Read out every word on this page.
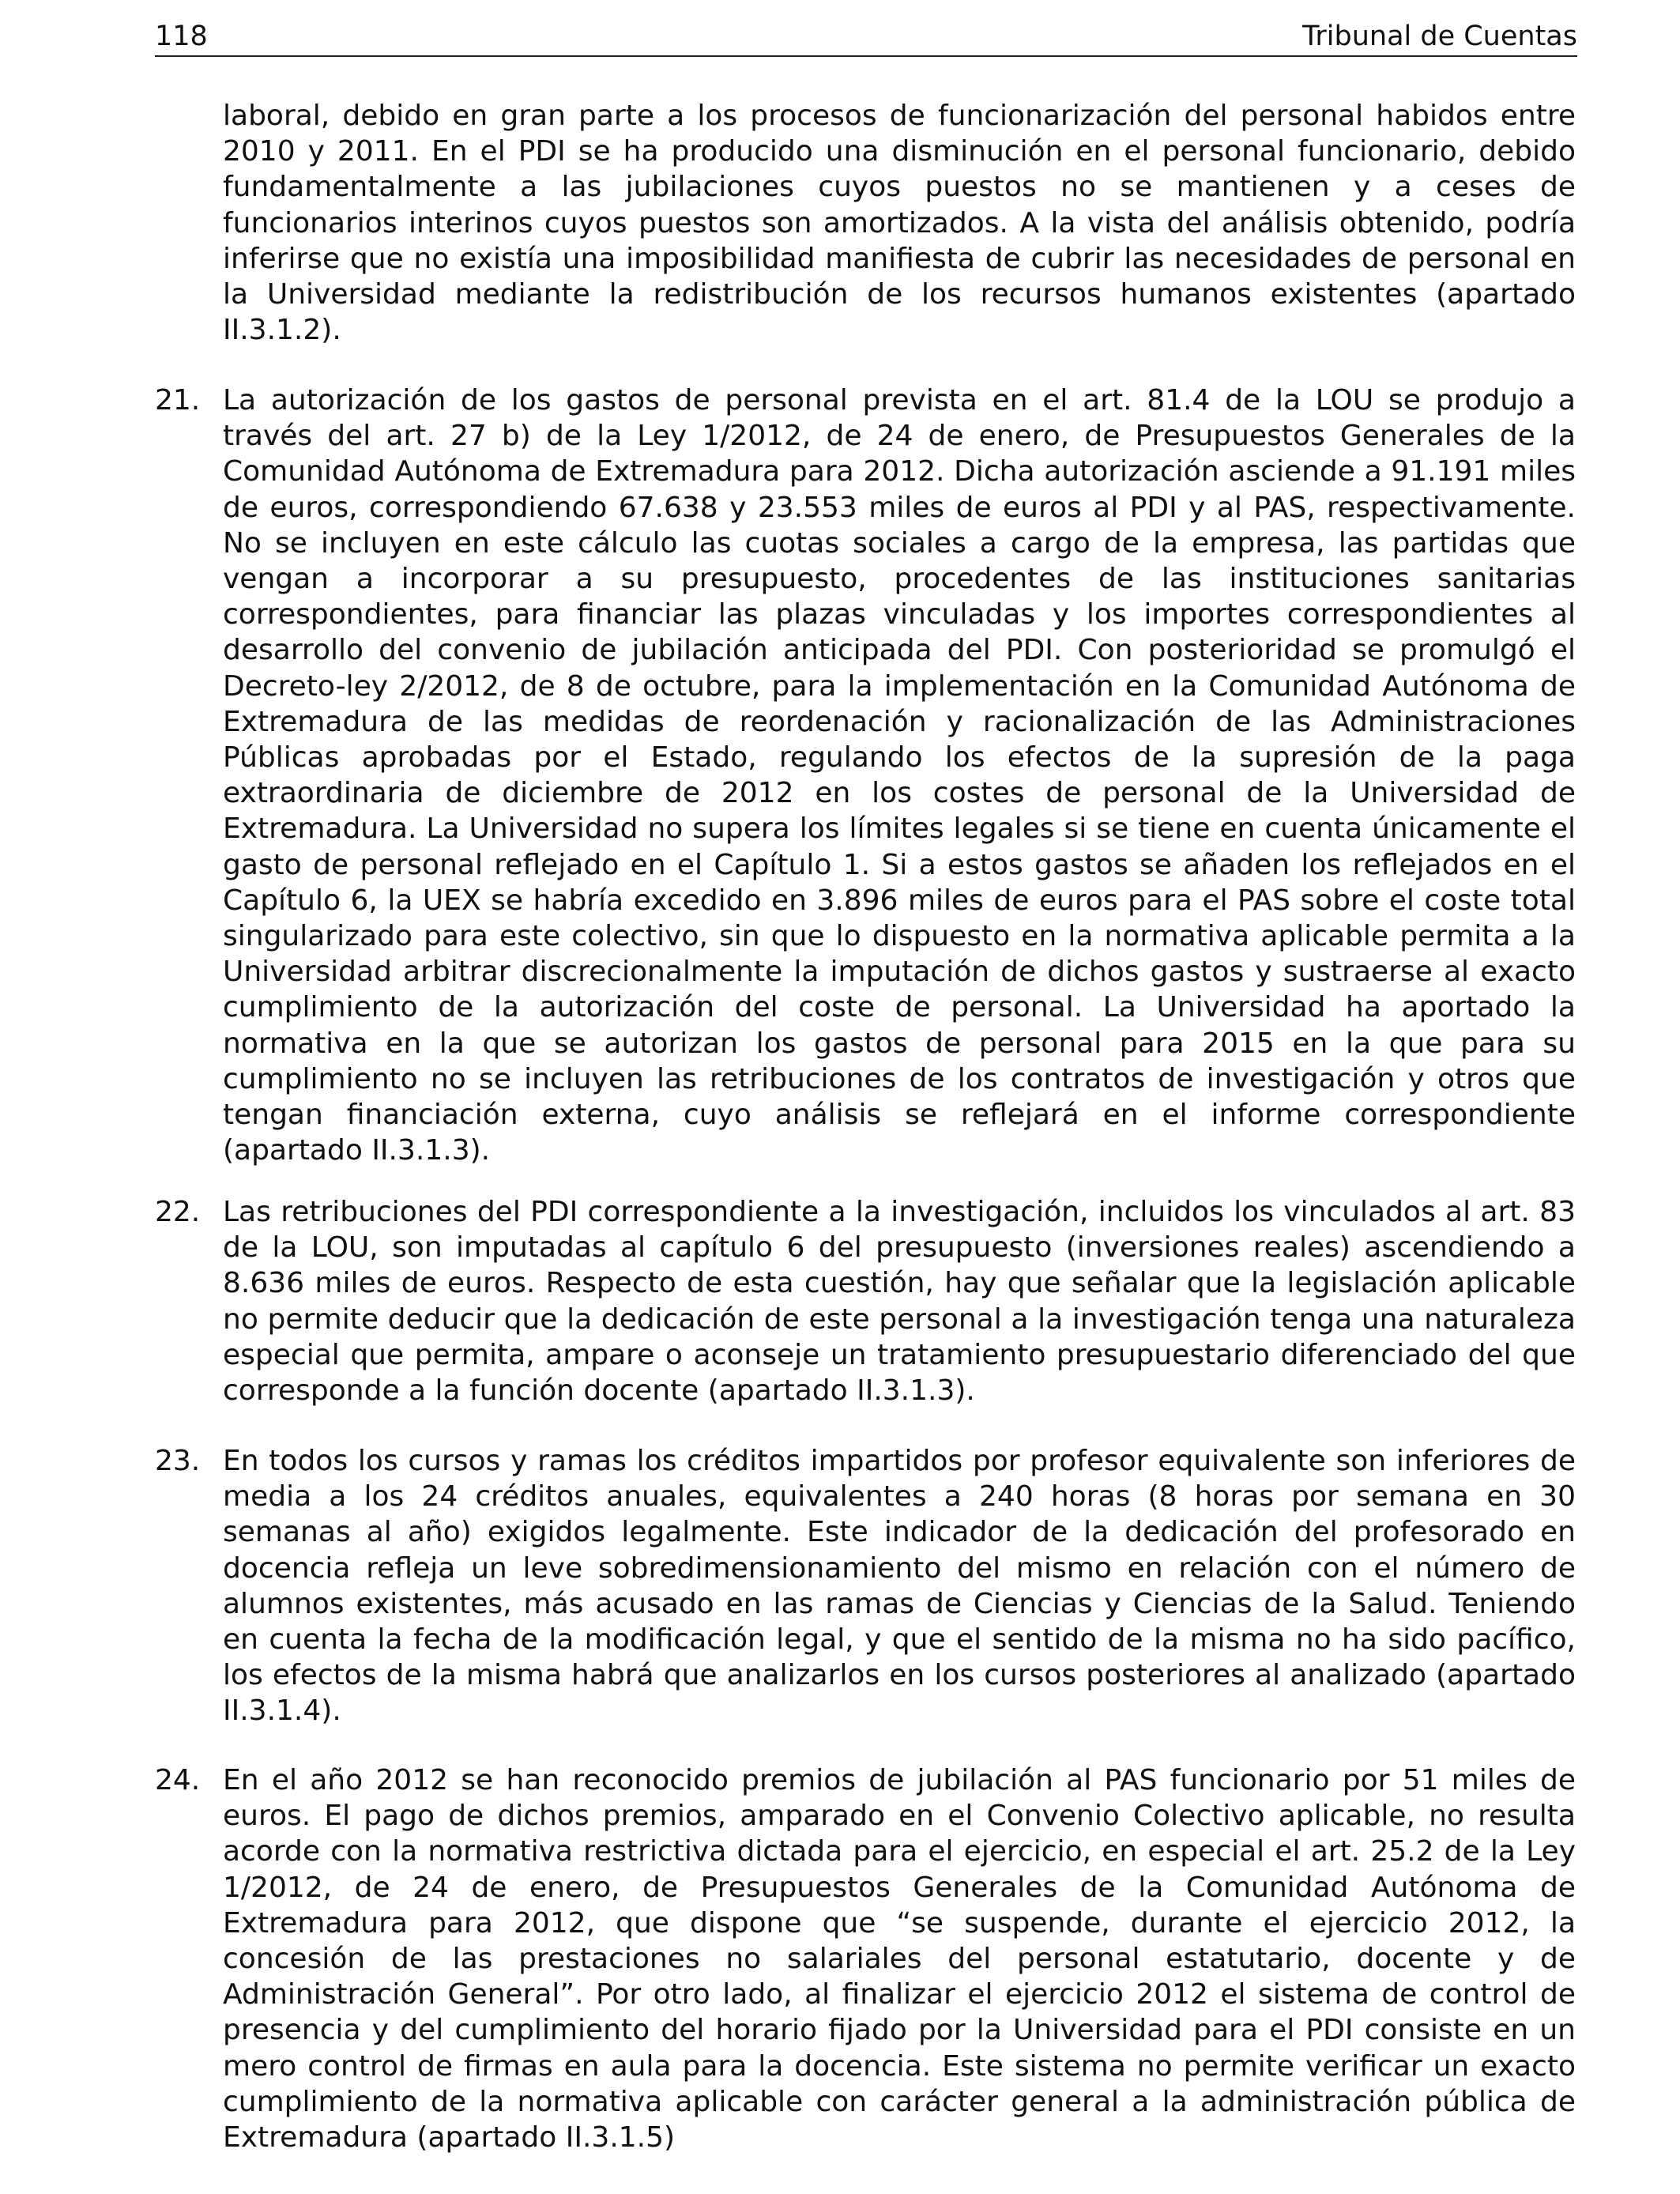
118	Tribunal de Cuentas

laboral, debido en gran parte a los procesos de funcionarización del personal habidos entre 2010 y 2011. En el PDI se ha producido una disminución en el personal funcionario, debido fundamentalmente a las jubilaciones cuyos puestos no se mantienen y a ceses de funcionarios interinos cuyos puestos son amortizados. A la vista del análisis obtenido, podría inferirse que no existía una imposibilidad manifiesta de cubrir las necesidades de personal en la Universidad mediante la redistribución de los recursos humanos existentes (apartado II.3.1.2).

21. La autorización de los gastos de personal prevista en el art. 81.4 de la LOU se produjo a través del art. 27 b) de la Ley 1/2012, de 24 de enero, de Presupuestos Generales de la Comunidad Autónoma de Extremadura para 2012. Dicha autorización asciende a 91.191 miles de euros, correspondiendo 67.638 y 23.553 miles de euros al PDI y al PAS, respectivamente. No se incluyen en este cálculo las cuotas sociales a cargo de la empresa, las partidas que vengan a incorporar a su presupuesto, procedentes de las instituciones sanitarias correspondientes, para financiar las plazas vinculadas y los importes correspondientes al desarrollo del convenio de jubilación anticipada del PDI. Con posterioridad se promulgó el Decreto-ley 2/2012, de 8 de octubre, para la implementación en la Comunidad Autónoma de Extremadura de las medidas de reordenación y racionalización de las Administraciones Públicas aprobadas por el Estado, regulando los efectos de la supresión de la paga extraordinaria de diciembre de 2012 en los costes de personal de la Universidad de Extremadura. La Universidad no supera los límites legales si se tiene en cuenta únicamente el gasto de personal reflejado en el Capítulo 1. Si a estos gastos se añaden los reflejados en el Capítulo 6, la UEX se habría excedido en 3.896 miles de euros para el PAS sobre el coste total singularizado para este colectivo, sin que lo dispuesto en la normativa aplicable permita a la Universidad arbitrar discrecionalmente la imputación de dichos gastos y sustraerse al exacto cumplimiento de la autorización del coste de personal. La Universidad ha aportado la normativa en la que se autorizan los gastos de personal para 2015 en la que para su cumplimiento no se incluyen las retribuciones de los contratos de investigación y otros que tengan financiación externa, cuyo análisis se reflejará en el informe correspondiente (apartado II.3.1.3).

22. Las retribuciones del PDI correspondiente a la investigación, incluidos los vinculados al art. 83 de la LOU, son imputadas al capítulo 6 del presupuesto (inversiones reales) ascendiendo a 8.636 miles de euros. Respecto de esta cuestión, hay que señalar que la legislación aplicable no permite deducir que la dedicación de este personal a la investigación tenga una naturaleza especial que permita, ampare o aconseje un tratamiento presupuestario diferenciado del que corresponde a la función docente (apartado II.3.1.3).

23. En todos los cursos y ramas los créditos impartidos por profesor equivalente son inferiores de media a los 24 créditos anuales, equivalentes a 240 horas (8 horas por semana en 30 semanas al año) exigidos legalmente. Este indicador de la dedicación del profesorado en docencia refleja un leve sobredimensionamiento del mismo en relación con el número de alumnos existentes, más acusado en las ramas de Ciencias y Ciencias de la Salud. Teniendo en cuenta la fecha de la modificación legal, y que el sentido de la misma no ha sido pacífico, los efectos de la misma habrá que analizarlos en los cursos posteriores al analizado (apartado II.3.1.4).

24. En el año 2012 se han reconocido premios de jubilación al PAS funcionario por 51 miles de euros. El pago de dichos premios, amparado en el Convenio Colectivo aplicable, no resulta acorde con la normativa restrictiva dictada para el ejercicio, en especial el art. 25.2 de la Ley 1/2012, de 24 de enero, de Presupuestos Generales de la Comunidad Autónoma de Extremadura para 2012, que dispone que “se suspende, durante el ejercicio 2012, la concesión de las prestaciones no salariales del personal estatutario, docente y de Administración General”. Por otro lado, al finalizar el ejercicio 2012 el sistema de control de presencia y del cumplimiento del horario fijado por la Universidad para el PDI consiste en un mero control de firmas en aula para la docencia. Este sistema no permite verificar un exacto cumplimiento de la normativa aplicable con carácter general a la administración pública de Extremadura (apartado II.3.1.5)
